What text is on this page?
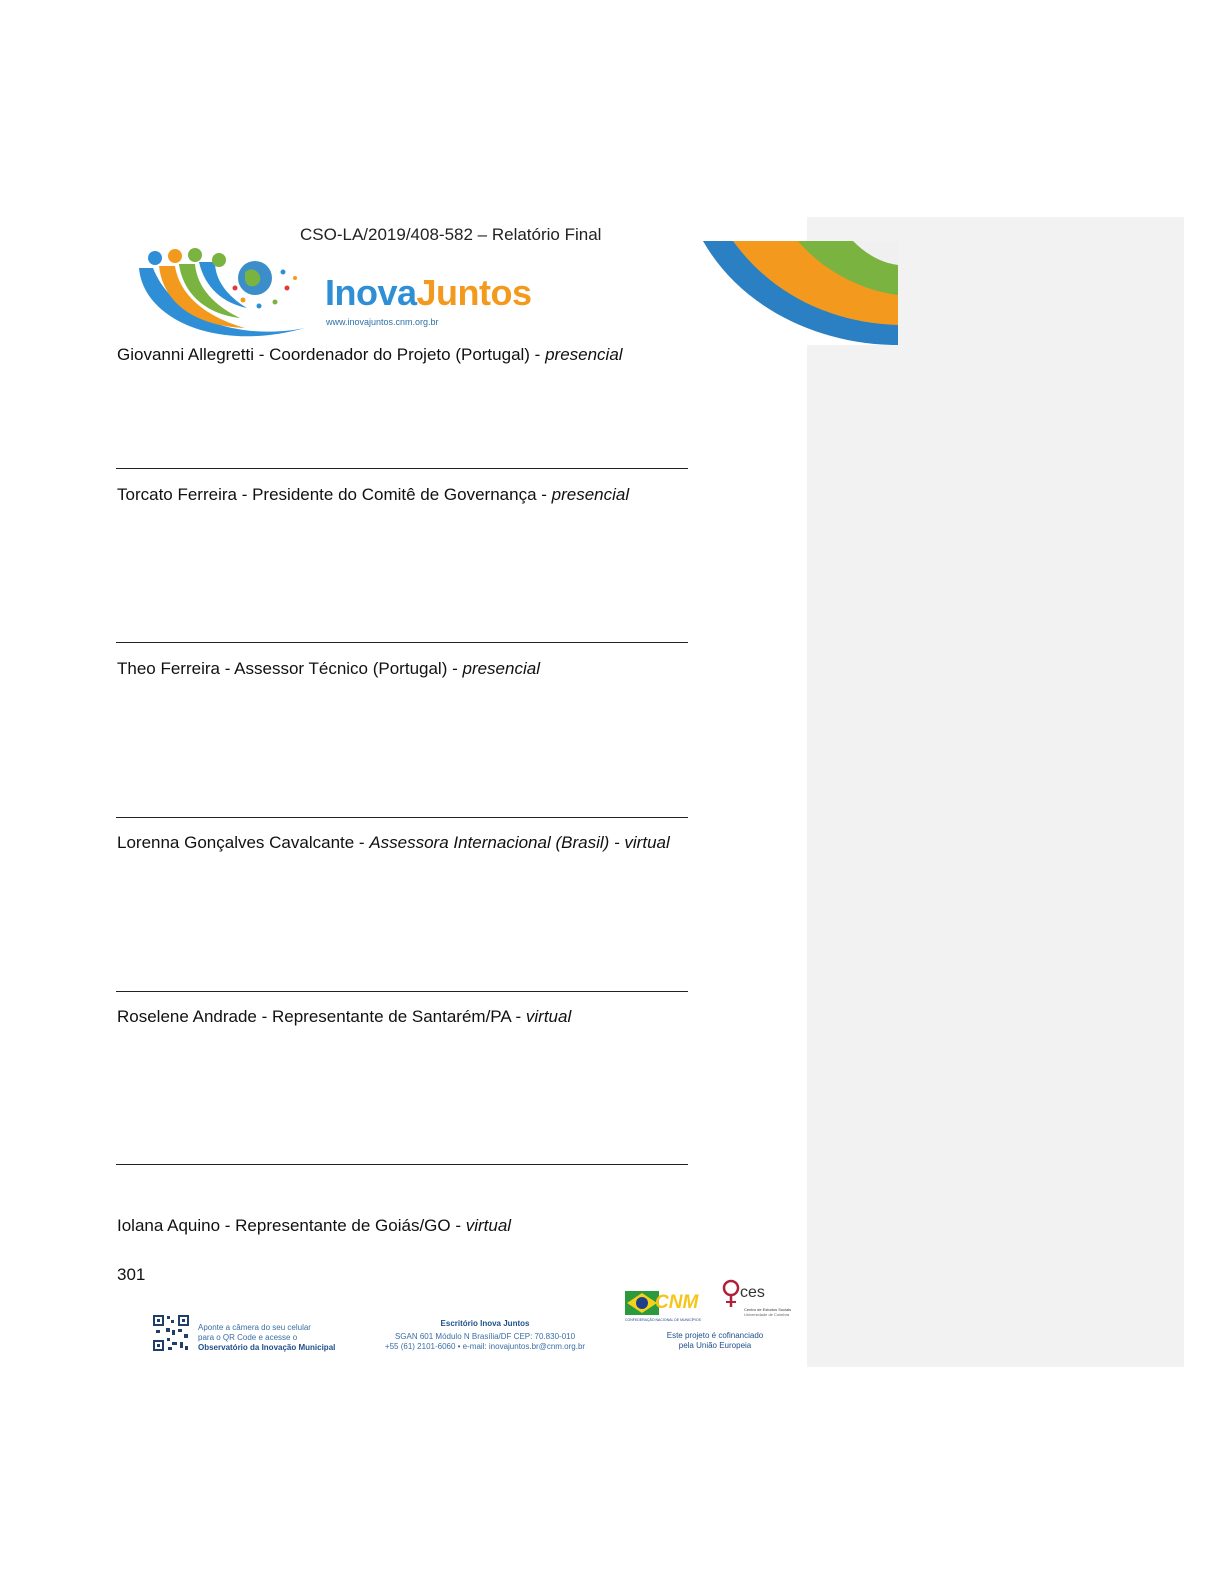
CSO-LA/2019/408-582 – Relatório Final
InovaJuntos
www.inovajuntos.cnm.org.br
Giovanni Allegretti - Coordenador do Projeto (Portugal) - presencial
Torcato Ferreira - Presidente do Comitê de Governança - presencial
Theo Ferreira - Assessor Técnico (Portugal) - presencial
Lorenna Gonçalves Cavalcante - Assessora Internacional (Brasil) - virtual
Roselene Andrade - Representante de Santarém/PA - virtual
Iolana Aquino - Representante de Goiás/GO - virtual
301
Aponte a câmera do seu celular
para o QR Code e acesse o
Observatório da Inovação Municipal
Escritório Inova Juntos
SGAN 601 Módulo N Brasília/DF CEP: 70.830-010
+55 (61) 2101-6060 • e-mail: inovajuntos.br@cnm.org.br
CNM
CONFEDERAÇÃO NACIONAL DE MUNICÍPIOS
ces
Centro de Estudos Sociais
Universidade de Coimbra
Este projeto é cofinanciado
pela União Europeia
